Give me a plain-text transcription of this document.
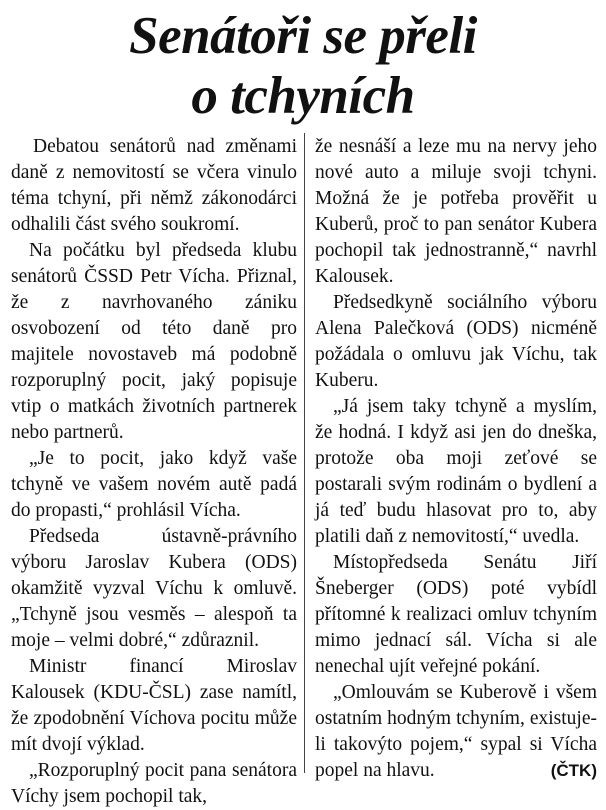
Senátoři se přeli
o tchyních

Debatou senátorů nad změnami daně z nemovitostí se včera vinulo téma tchyní, při němž zákonodárci odhalili část svého soukromí.

Na počátku byl předseda klubu senátorů ČSSD Petr Vícha. Přiznal, že z navrhovaného zániku osvobození od této daně pro majitele novostaveb má podobně rozporuplný pocit, jaký popisuje vtip o matkách životních partnerek nebo partnerů.

„Je to pocit, jako když vaše tchyně ve vašem novém autě padá do propasti,“ prohlásil Vícha.

Předseda ústavně-právního výboru Jaroslav Kubera (ODS) okamžitě vyzval Víchu k omluvě. „Tchyně jsou vesměs – alespoň ta moje – velmi dobré,“ zdůraznil.

Ministr financí Miroslav Kalousek (KDU-ČSL) zase namítl, že zpodobnění Víchova pocitu může mít dvojí výklad.

„Rozporuplný pocit pana senátora Víchy jsem pochopil tak,

že nesnáší a leze mu na nervy jeho nové auto a miluje svoji tchyni. Možná že je potřeba prověřit u Kuberů, proč to pan senátor Kubera pochopil tak jednostranně,“ navrhl Kalousek.

Předsedkyně sociálního výboru Alena Palečková (ODS) nicméně požádala o omluvu jak Víchu, tak Kuberu.

„Já jsem taky tchyně a myslím, že hodná. I když asi jen do dneška, protože oba moji zeťové se postarali svým rodinám o bydlení a já teď budu hlasovat pro to, aby platili daň z nemovitostí,“ uvedla.

Místopředseda Senátu Jiří Šneberger (ODS) poté vybídl přítomné k realizaci omluv tchyním mimo jednací sál. Vícha si ale nenechal ujít veřejné pokání.

„Omlouvám se Kuberově i všem ostatním hodným tchyním, existuje-li takovýto pojem,“ sypal si Vícha popel na hlavu.	(ČTK)
